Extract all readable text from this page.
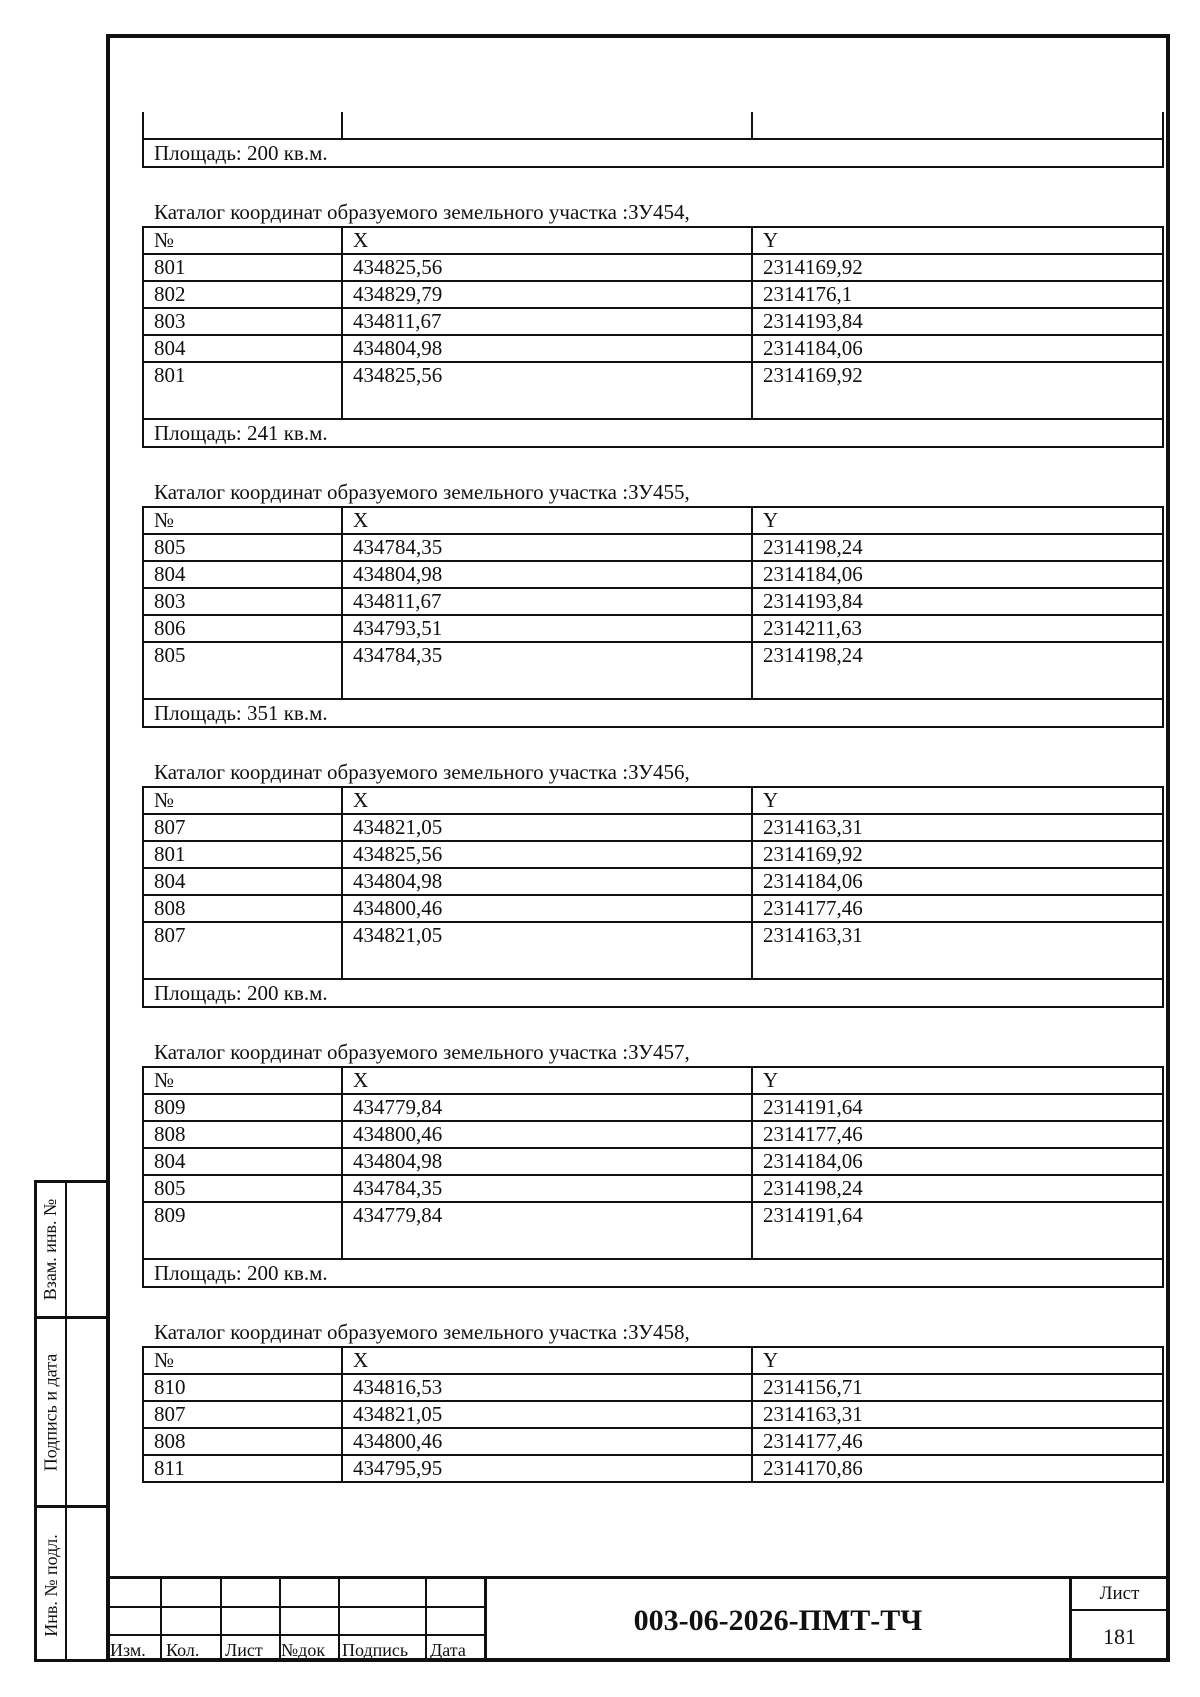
Площадь: 200 кв.м.
Каталог координат образуемого земельного участка :ЗУ454,
№	X	Y
801	434825,56	2314169,92
802	434829,79	2314176,1
803	434811,67	2314193,84
804	434804,98	2314184,06
801	434825,56	2314169,92
Площадь: 241 кв.м.		
Каталог координат образуемого земельного участка :ЗУ455,
№	X	Y
805	434784,35	2314198,24
804	434804,98	2314184,06
803	434811,67	2314193,84
806	434793,51	2314211,63
805	434784,35	2314198,24
Площадь: 351 кв.м.		
Каталог координат образуемого земельного участка :ЗУ456,
№	X	Y
807	434821,05	2314163,31
801	434825,56	2314169,92
804	434804,98	2314184,06
808	434800,46	2314177,46
807	434821,05	2314163,31
Площадь: 200 кв.м.		
Каталог координат образуемого земельного участка :ЗУ457,
№	X	Y
809	434779,84	2314191,64
808	434800,46	2314177,46
804	434804,98	2314184,06
805	434784,35	2314198,24
809	434779,84	2314191,64
Площадь: 200 кв.м.		
Каталог координат образуемого земельного участка :ЗУ458,
№	X	Y
810	434816,53	2314156,71
807	434821,05	2314163,31
808	434800,46	2314177,46
811	434795,95	2314170,86
Взам. инв. №
Подпись и дата
Инв. № подл.
Изм. Кол. Лист №док Подпись Дата
003-06-2026-ПМТ-ТЧ
Лист
181
